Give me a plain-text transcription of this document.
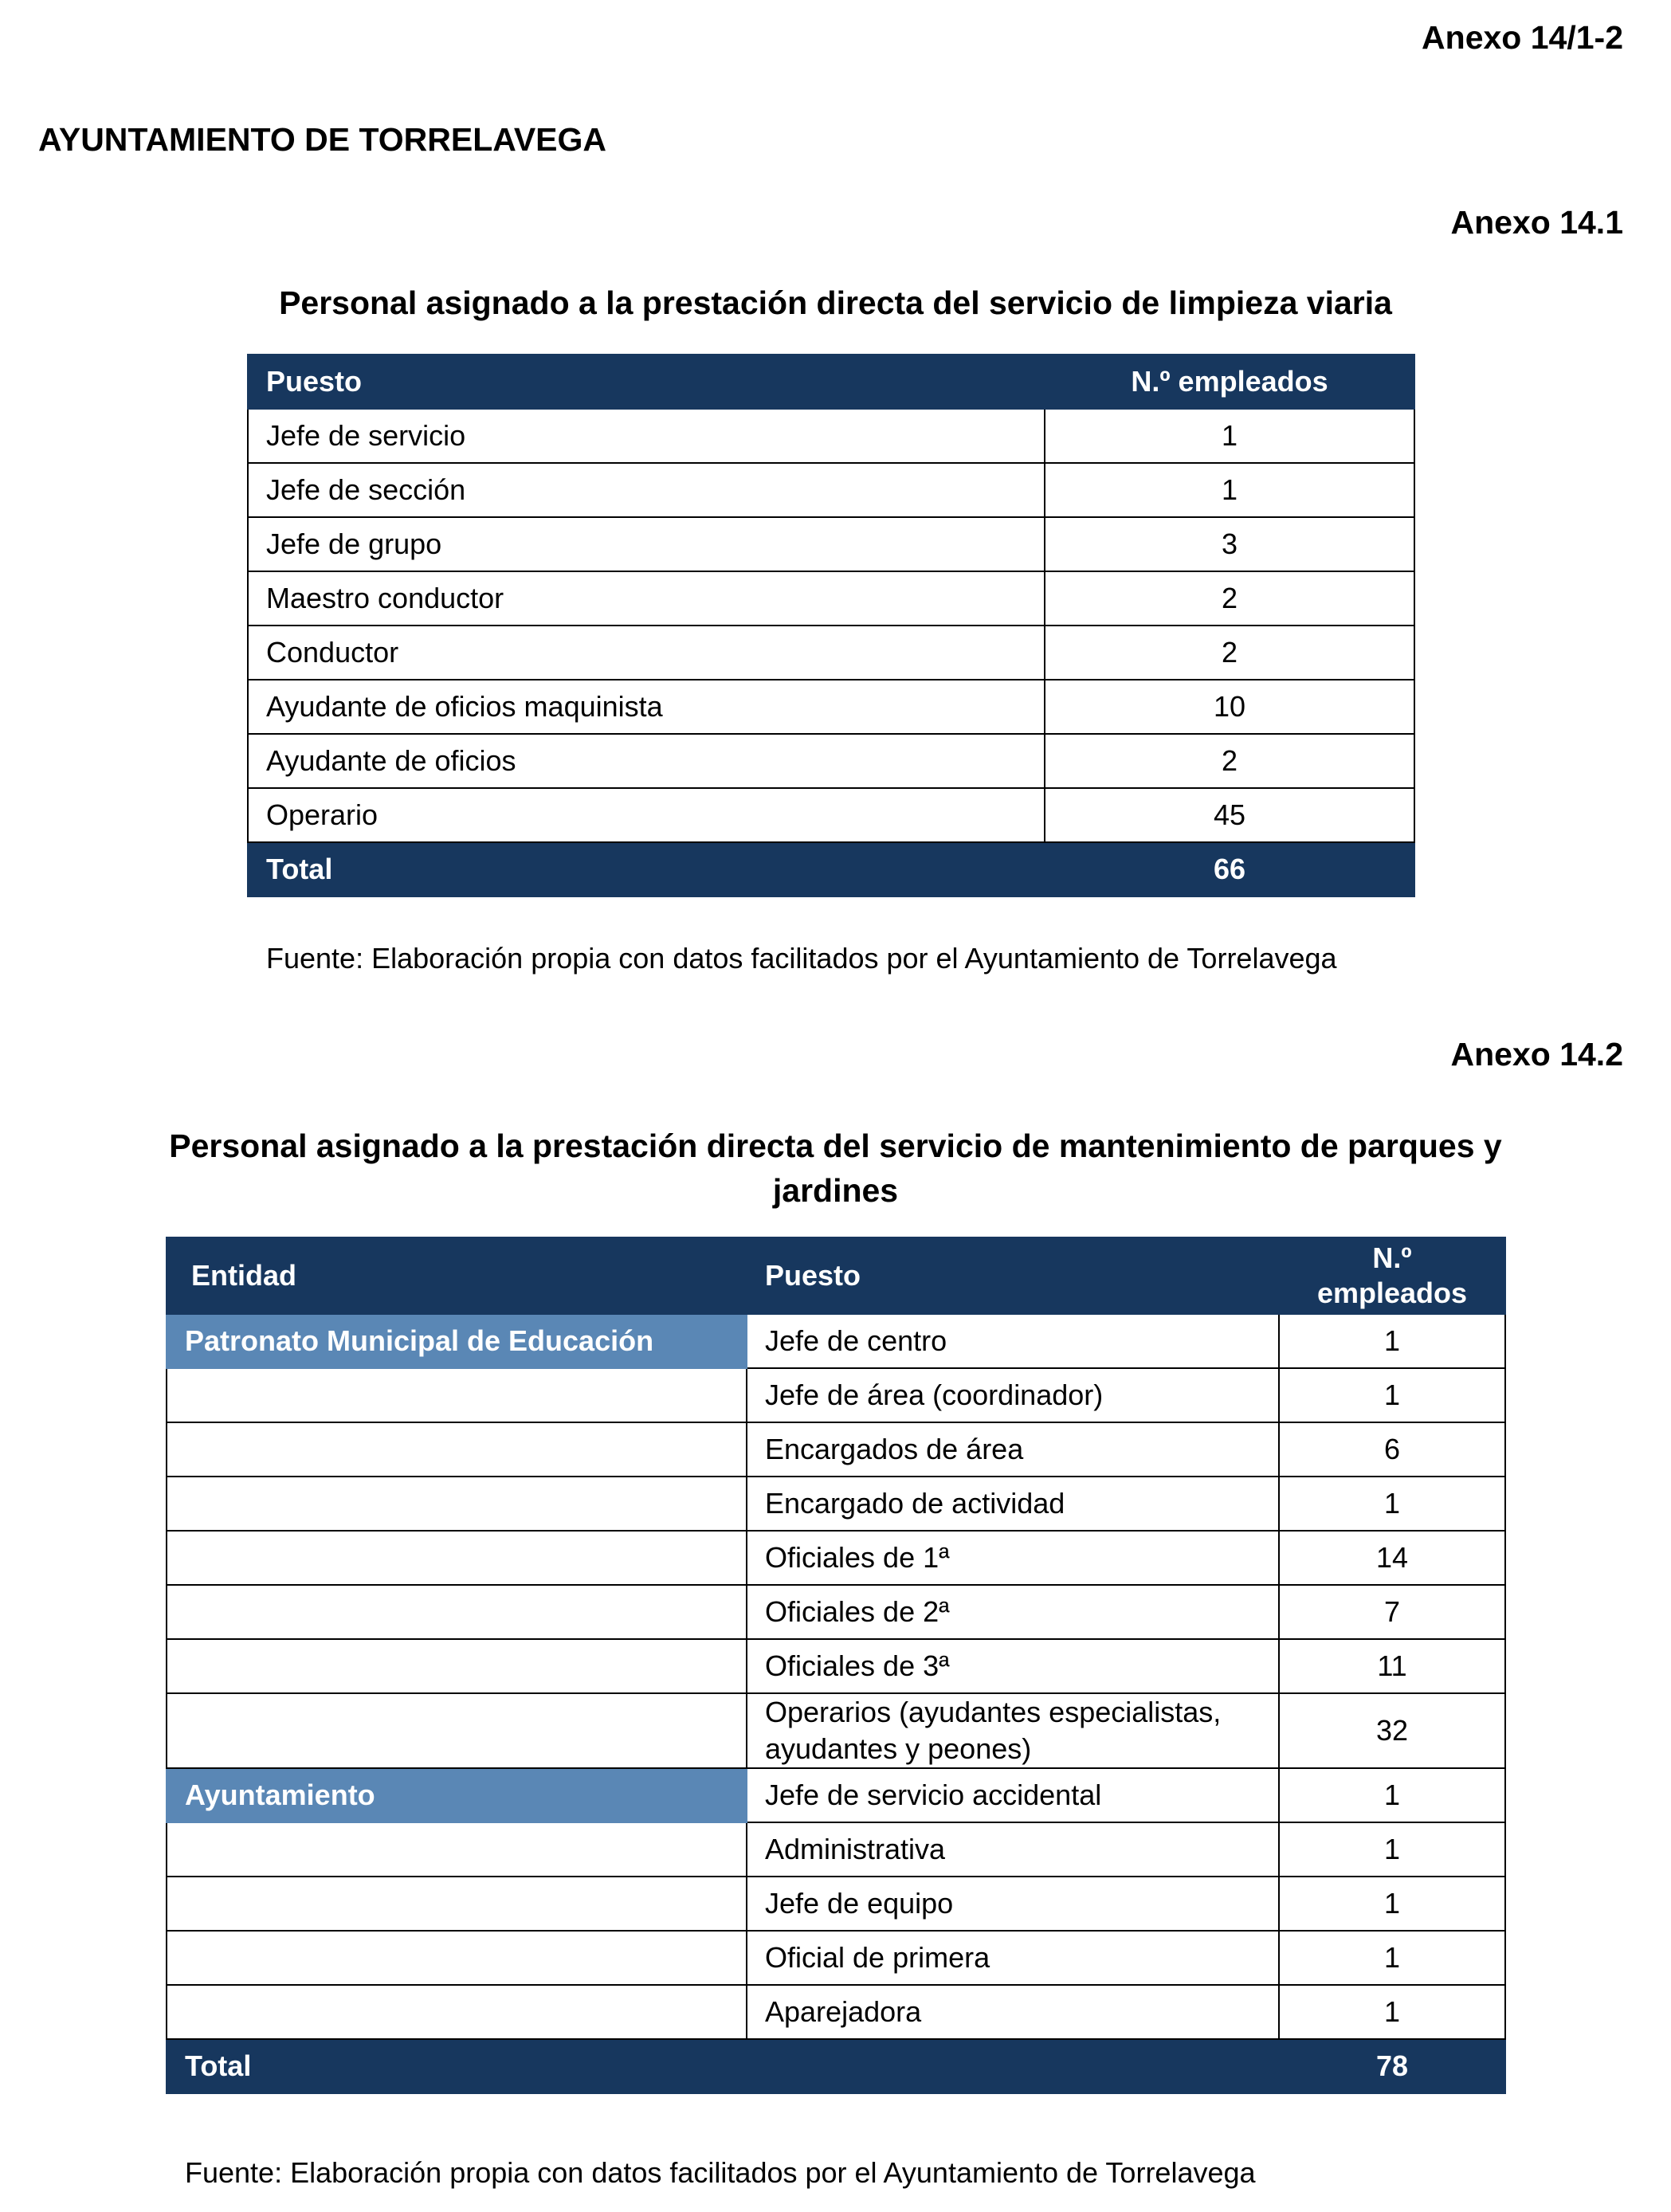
Anexo 14/1-2
AYUNTAMIENTO DE TORRELAVEGA
Anexo 14.1
Personal asignado a la prestación directa del servicio de limpieza viaria
Puesto	N.º empleados
Jefe de servicio	1
Jefe de sección	1
Jefe de grupo	3
Maestro conductor	2
Conductor	2
Ayudante de oficios maquinista	10
Ayudante de oficios	2
Operario	45
Total	66
Fuente: Elaboración propia con datos facilitados por el Ayuntamiento de Torrelavega
Anexo 14.2
Personal asignado a la prestación directa del servicio de mantenimiento de parques y
jardines
Entidad	Puesto	N.º
empleados

Patronato Municipal de Educación	Jefe de centro	1
	Jefe de área (coordinador)	1
	Encargados de área	6
	Encargado de actividad	1
	Oficiales de 1ª	14
	Oficiales de 2ª	7
	Oficiales de 3ª	11
	Operarios (ayudantes especialistas, ayudantes y peones)	32
Ayuntamiento	Jefe de servicio accidental	1
	Administrativa	1
	Jefe de equipo	1
	Oficial de primera	1
	Aparejadora	1
Total		78
Fuente: Elaboración propia con datos facilitados por el Ayuntamiento de Torrelavega
